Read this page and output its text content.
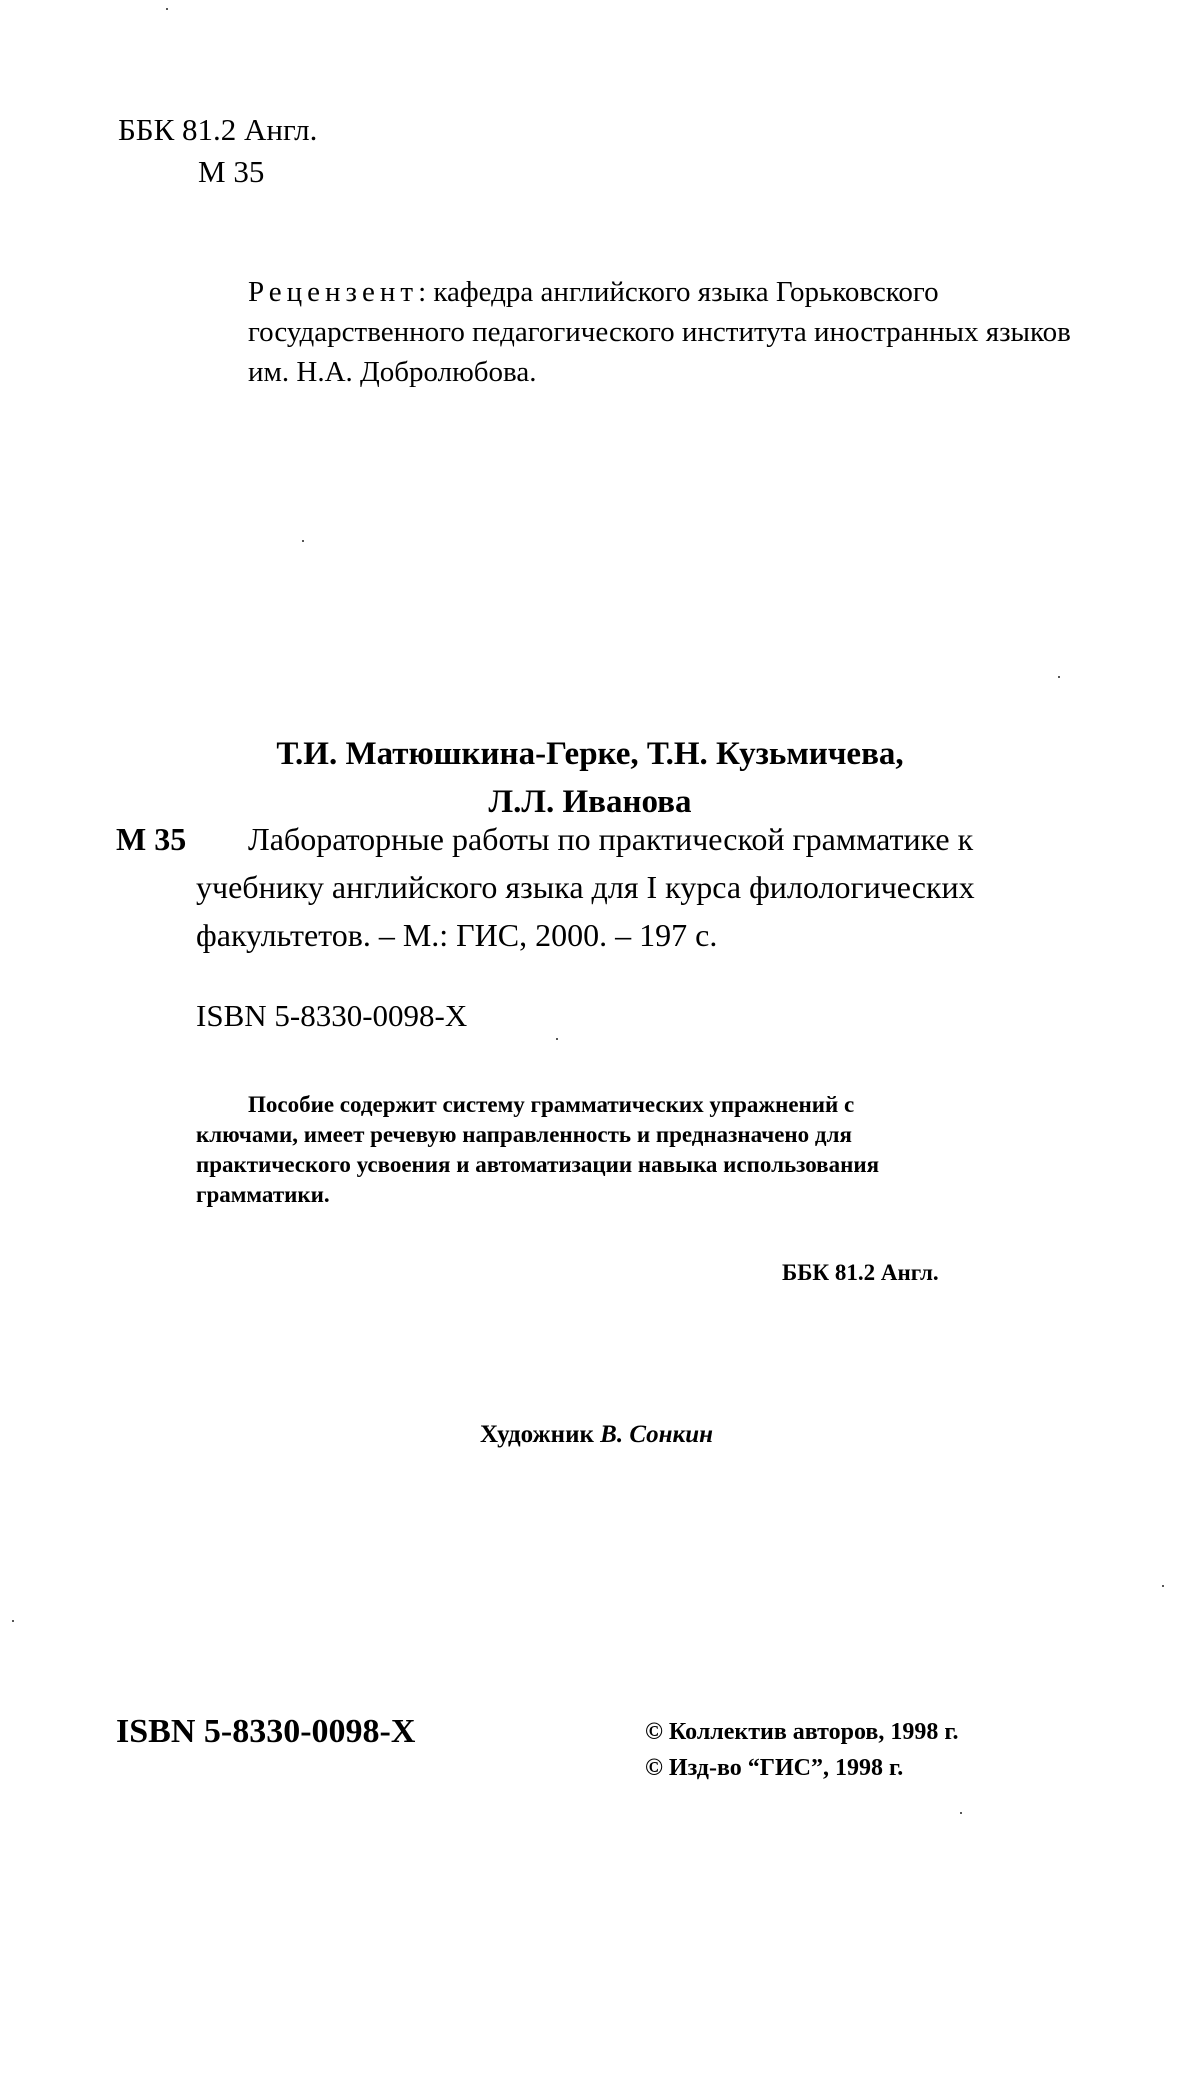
ББК 81.2 Англ.
М 35
Рецензент: кафедра английского языка Горьковского государственного педагогического института иностранных языков им. Н.А. Добролюбова.
Т.И. Матюшкина-Герке, Т.Н. Кузьмичева,
Л.Л. Иванова
М 35	Лабораторные работы по практической грамматике к
учебнику английского языка для I курса филологических
факультетов. – М.: ГИС, 2000. – 197 с.
ISBN 5-8330-0098-X
Пособие содержит систему грамматических упражнений с
ключами, имеет речевую направленность и предназначено для
практического усвоения и автоматизации навыка использования
грамматики.
ББК 81.2 Англ.
Художник В. Сонкин
ISBN 5-8330-0098-X	© Коллектив авторов, 1998 г.
© Изд-во “ГИС”, 1998 г.
